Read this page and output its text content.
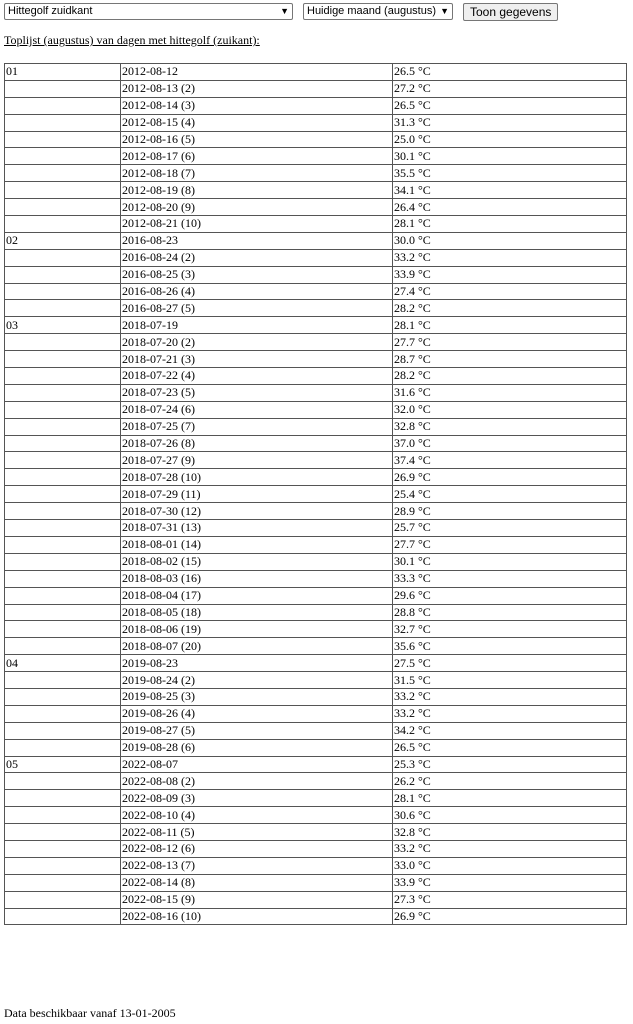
Hittegolf zuidkant	▼	Huidige maand (augustus) ▼	Toon gegevens
Toplijst (augustus) van dagen met hittegolf (zuikant):
01	2012-08-12	26.5 °C
	2012-08-13 (2)	27.2 °C
	2012-08-14 (3)	26.5 °C
	2012-08-15 (4)	31.3 °C
	2012-08-16 (5)	25.0 °C
	2012-08-17 (6)	30.1 °C
	2012-08-18 (7)	35.5 °C
	2012-08-19 (8)	34.1 °C
	2012-08-20 (9)	26.4 °C
	2012-08-21 (10)	28.1 °C
02	2016-08-23	30.0 °C
	2016-08-24 (2)	33.2 °C
	2016-08-25 (3)	33.9 °C
	2016-08-26 (4)	27.4 °C
	2016-08-27 (5)	28.2 °C
03	2018-07-19	28.1 °C
	2018-07-20 (2)	27.7 °C
	2018-07-21 (3)	28.7 °C
	2018-07-22 (4)	28.2 °C
	2018-07-23 (5)	31.6 °C
	2018-07-24 (6)	32.0 °C
	2018-07-25 (7)	32.8 °C
	2018-07-26 (8)	37.0 °C
	2018-07-27 (9)	37.4 °C
	2018-07-28 (10)	26.9 °C
	2018-07-29 (11)	25.4 °C
	2018-07-30 (12)	28.9 °C
	2018-07-31 (13)	25.7 °C
	2018-08-01 (14)	27.7 °C
	2018-08-02 (15)	30.1 °C
	2018-08-03 (16)	33.3 °C
	2018-08-04 (17)	29.6 °C
	2018-08-05 (18)	28.8 °C
	2018-08-06 (19)	32.7 °C
	2018-08-07 (20)	35.6 °C
04	2019-08-23	27.5 °C
	2019-08-24 (2)	31.5 °C
	2019-08-25 (3)	33.2 °C
	2019-08-26 (4)	33.2 °C
	2019-08-27 (5)	34.2 °C
	2019-08-28 (6)	26.5 °C
05	2022-08-07	25.3 °C
	2022-08-08 (2)	26.2 °C
	2022-08-09 (3)	28.1 °C
	2022-08-10 (4)	30.6 °C
	2022-08-11 (5)	32.8 °C
	2022-08-12 (6)	33.2 °C
	2022-08-13 (7)	33.0 °C
	2022-08-14 (8)	33.9 °C
	2022-08-15 (9)	27.3 °C
	2022-08-16 (10)	26.9 °C
Data beschikbaar vanaf 13-01-2005
